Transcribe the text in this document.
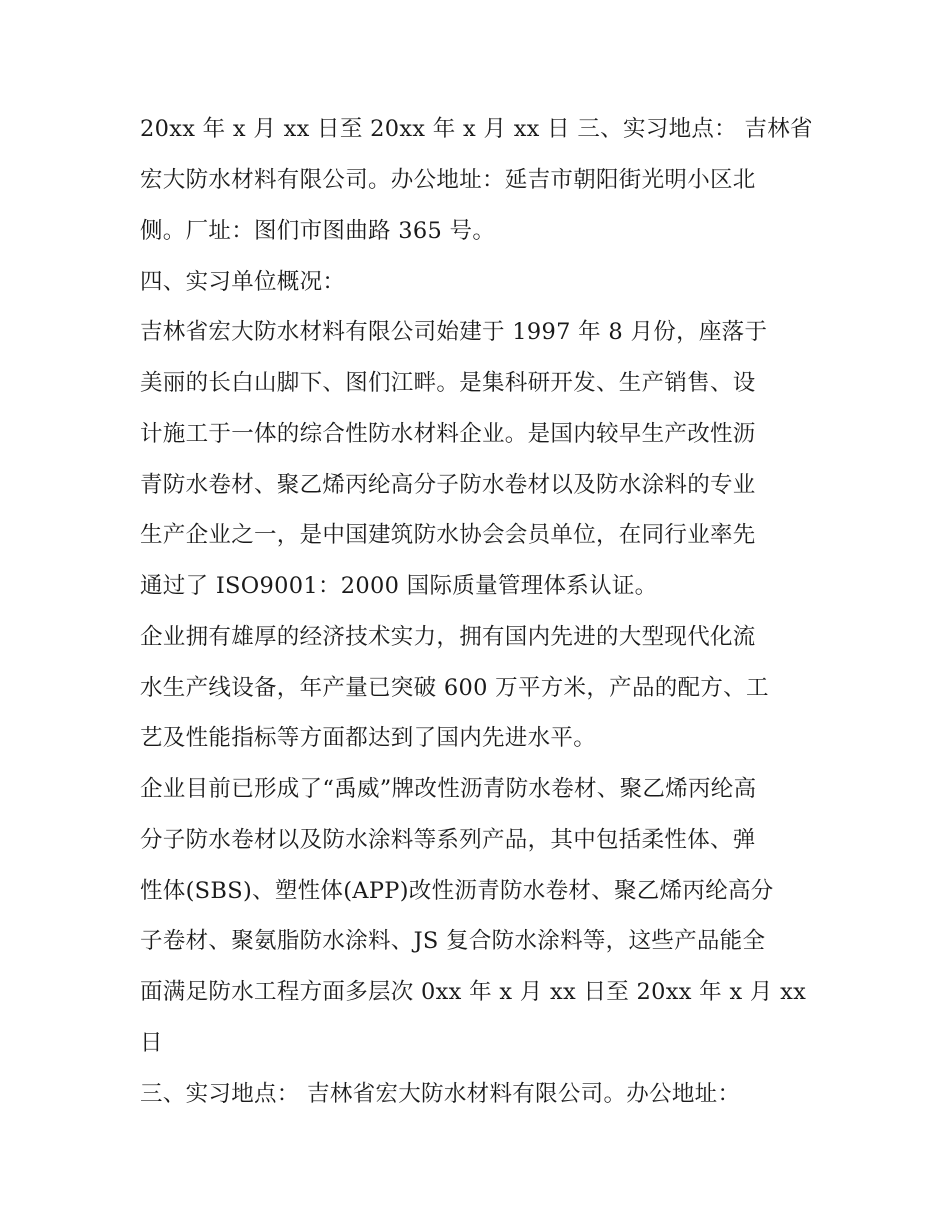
20xx 年 x 月 xx 日至 20xx 年 x 月 xx 日 三、实习地点： 吉林省
宏大防水材料有限公司。办公地址：延吉市朝阳街光明小区北
侧。厂址：图们市图曲路 365 号。
四、实习单位概况：
吉林省宏大防水材料有限公司始建于 1997 年 8 月份，座落于
美丽的长白山脚下、图们江畔。是集科研开发、生产销售、设
计施工于一体的综合性防水材料企业。是国内较早生产改性沥
青防水卷材、聚乙烯丙纶高分子防水卷材以及防水涂料的专业
生产企业之一，是中国建筑防水协会会员单位，在同行业率先
通过了 ISO9001：2000 国际质量管理体系认证。
企业拥有雄厚的经济技术实力，拥有国内先进的大型现代化流
水生产线设备，年产量已突破 600 万平方米，产品的配方、工
艺及性能指标等方面都达到了国内先进水平。
企业目前已形成了“禹威”牌改性沥青防水卷材、聚乙烯丙纶高
分子防水卷材以及防水涂料等系列产品，其中包括柔性体、弹
性体(SBS)、塑性体(APP)改性沥青防水卷材、聚乙烯丙纶高分
子卷材、聚氨脂防水涂料、JS 复合防水涂料等，这些产品能全
面满足防水工程方面多层次 0xx 年 x 月 xx 日至 20xx 年 x 月 xx
日
三、实习地点： 吉林省宏大防水材料有限公司。办公地址：
